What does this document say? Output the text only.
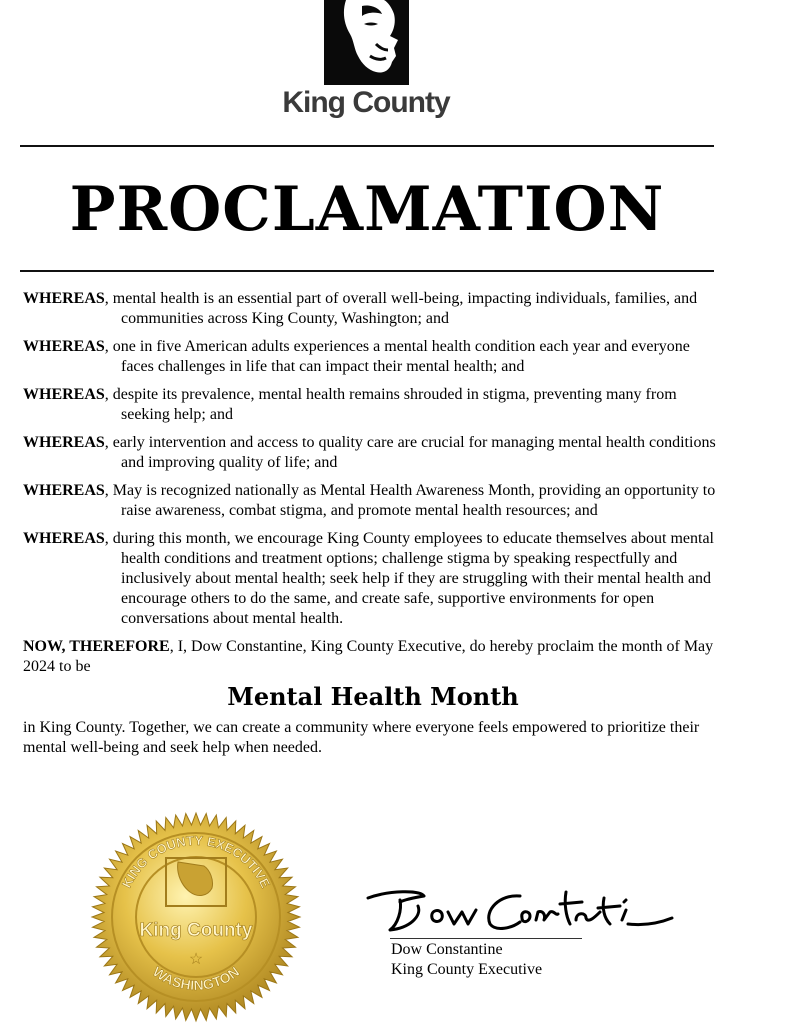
King County
PROCLAMATION

WHEREAS, mental health is an essential part of overall well-being, impacting individuals, families, and communities across King County, Washington; and

WHEREAS, one in five American adults experiences a mental health condition each year and everyone faces challenges in life that can impact their mental health; and

WHEREAS, despite its prevalence, mental health remains shrouded in stigma, preventing many from seeking help; and

WHEREAS, early intervention and access to quality care are crucial for managing mental health conditions and improving quality of life; and

WHEREAS, May is recognized nationally as Mental Health Awareness Month, providing an opportunity to raise awareness, combat stigma, and promote mental health resources; and

WHEREAS, during this month, we encourage King County employees to educate themselves about mental health conditions and treatment options; challenge stigma by speaking respectfully and inclusively about mental health; seek help if they are struggling with their mental health and encourage others to do the same, and create safe, supportive environments for open conversations about mental health.

NOW, THEREFORE, I, Dow Constantine, King County Executive, do hereby proclaim the month of May 2024 to be

Mental Health Month

in King County. Together, we can create a community where everyone feels empowered to prioritize their mental well-being and seek help when needed.

King County
☆
KING COUNTY EXECUTIVE
WASHINGTON
Dow Constantine
King County Executive
